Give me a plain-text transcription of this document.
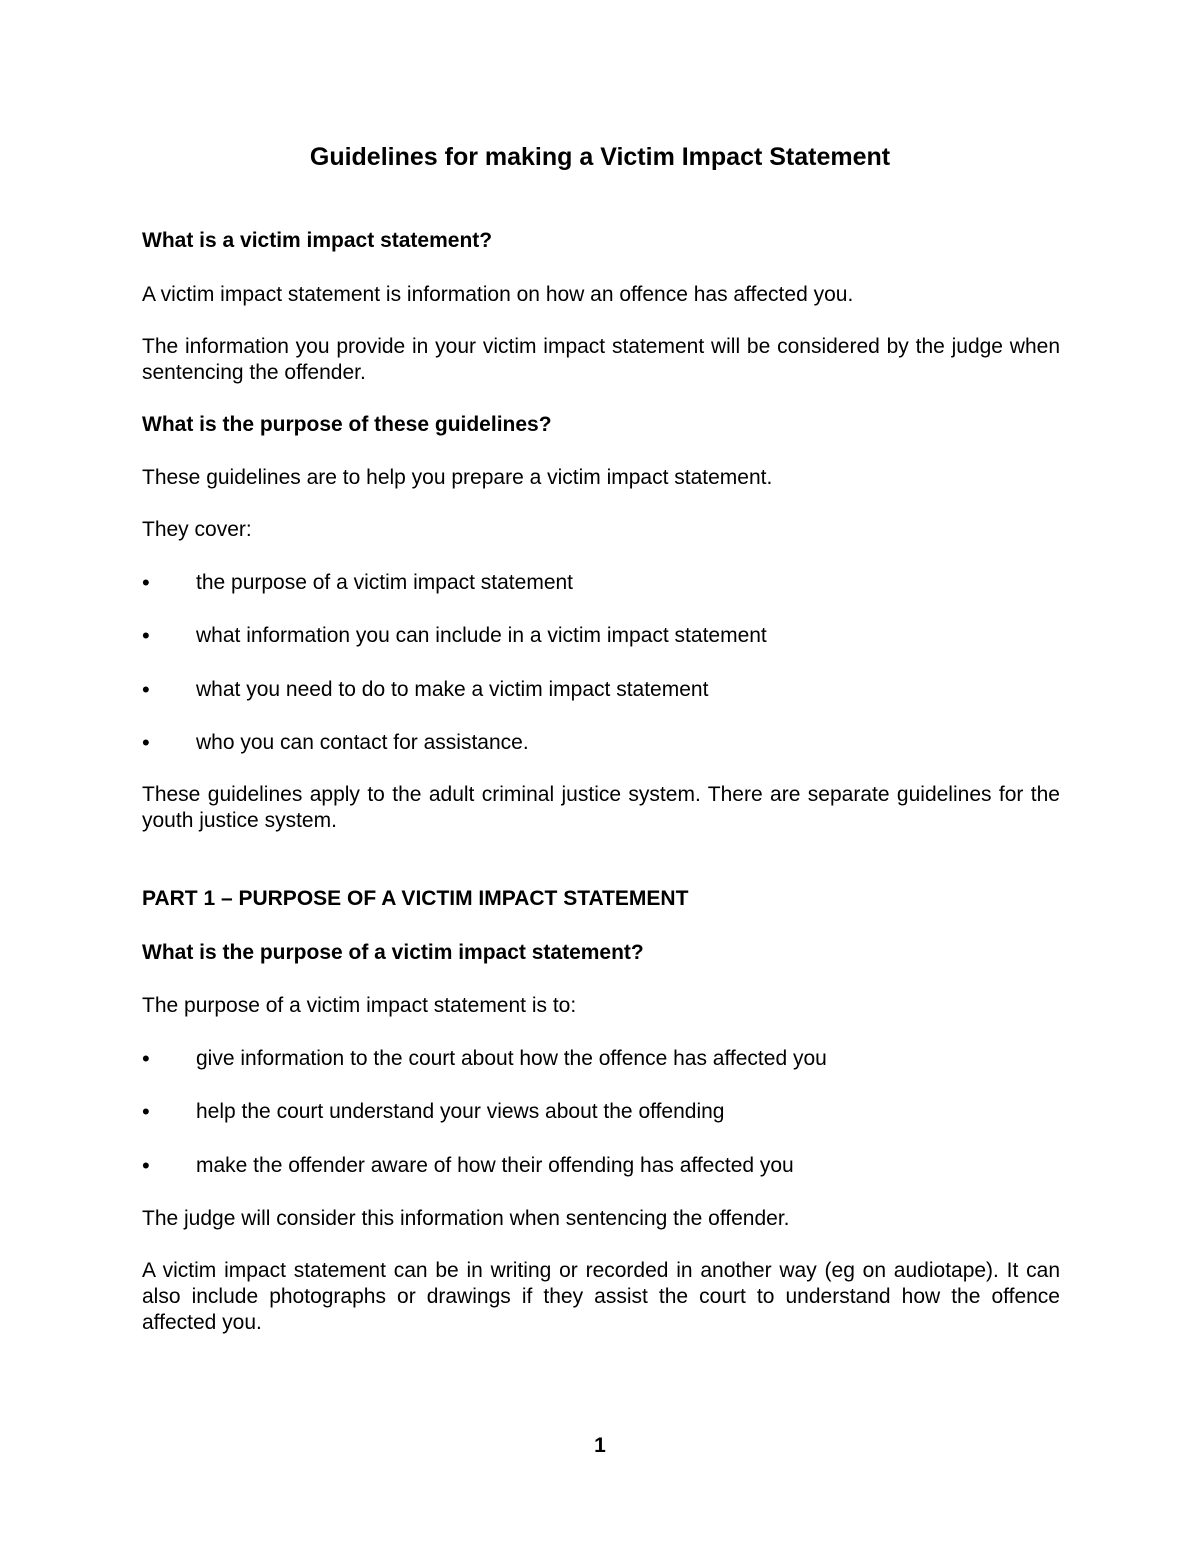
Guidelines for making a Victim Impact Statement

What is a victim impact statement?

A victim impact statement is information on how an offence has affected you.

The information you provide in your victim impact statement will be considered by the judge when sentencing the offender.

What is the purpose of these guidelines?

These guidelines are to help you prepare a victim impact statement.

They cover:

•	the purpose of a victim impact statement
•	what information you can include in a victim impact statement
•	what you need to do to make a victim impact statement
•	who you can contact for assistance.

These guidelines apply to the adult criminal justice system. There are separate guidelines for the youth justice system.

PART 1 – PURPOSE OF A VICTIM IMPACT STATEMENT

What is the purpose of a victim impact statement?

The purpose of a victim impact statement is to:

•	give information to the court about how the offence has affected you
•	help the court understand your views about the offending
•	make the offender aware of how their offending has affected you

The judge will consider this information when sentencing the offender.

A victim impact statement can be in writing or recorded in another way (eg on audiotape). It can also include photographs or drawings if they assist the court to understand how the offence affected you.

1
